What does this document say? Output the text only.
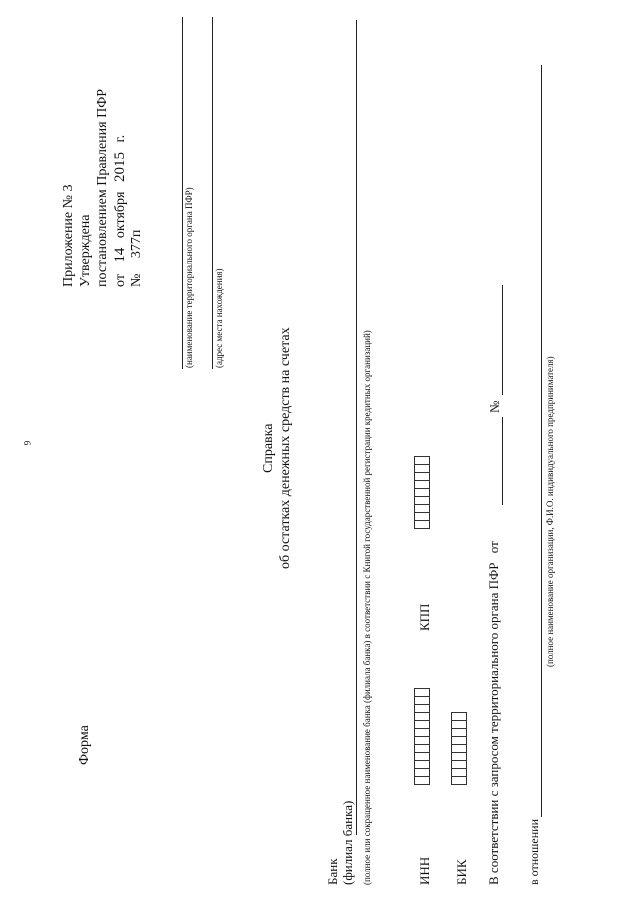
9
Форма
Приложение № 3 Утверждена постановлением Правления ПФР от 14 октября 2015 г.
№ 377п	(наименование территориального органа ПФР) (адрес места нахождения)
Справка об остатках денежных средств на счетах
Банк (филиал банка) (полное или сокращенное наименование банка (филиала банка) в соответствии с Книгой государственной регистрации кредитных организаций)	ИНН
КПП
БИК В соответствии с запросом территориального органа ПФР от
№
в отношении
(полное наименование организации, Ф.И.О. индивидуального предпринимателя)
